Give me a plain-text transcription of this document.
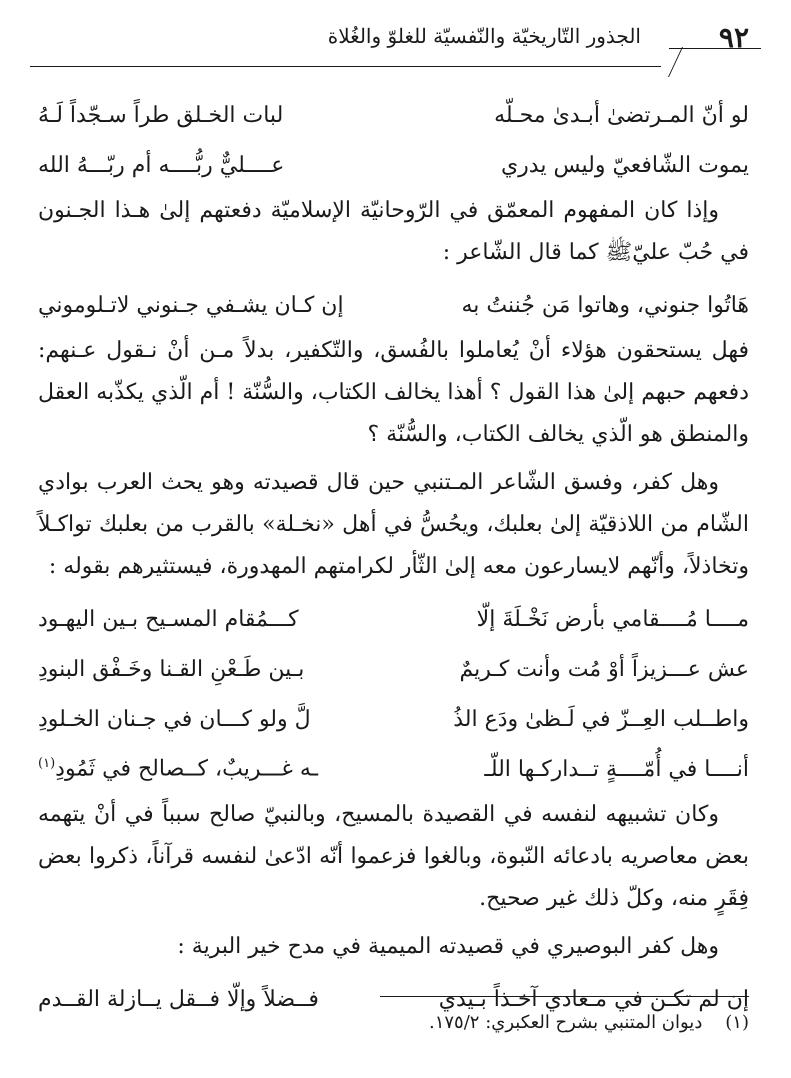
الجذور التّاريخيّة والنّفسيّة للغلوّ والغُلاة	٩٢
لو أنّ المـرتضىٰ أبـدىٰ محـلّه
لبات الخـلق طراً سـجّداً لَـهُ
يموت الشّافعيّ وليس يدري
عــــليٌّ ربُّــــه أم ربّـــهُ الله

وإذا كان المفهوم المعمّق في الرّوحانيّة الإسلاميّة دفعتهم إلىٰ هـذا الجـنون في حُبّ عليّ‌ﷺ كما قال الشّاعر :

هَاتُوا جنوني، وهاتوا مَن جُننتُ به
إن كـان يشـفي جـنوني لاتـلوموني

فهل يستحقون هؤلاء أنْ يُعاملوا بالفُسق، والتّكفير، بدلاً مـن أنْ نـقول عـنهم: دفعهم حبهم إلىٰ هذا القول ؟ أهذا يخالف الكتاب، والسُّنّة ! أم الّذي يكذّبه العقل والمنطق هو الّذي يخالف الكتاب، والسُّنّة ؟

وهل كفر، وفسق الشّاعر المـتنبي حين قال قصيدته وهو يحث العرب بوادي الشّام من اللاذقيّة إلىٰ بعلبك، ويحُسُّ في أهل «نخـلة» بالقرب من بعلبك تواكـلاً وتخاذلاً، وأنّهم لايسارعون معه إلىٰ الثّأر لكرامتهم المهدورة، فيستثيرهم بقوله :

مــــا مُــــقامي بأرض نَخْـلَةَ إلّا
كـــمُقام المسـيح بـين اليهـود
عش عـــزيزاً أوْ مُت وأنت كـريمٌ
بـين طَـعْنِ القـنا وخَـفْق البنودِ
واطــلب العِــزّ في لَـظىٰ ودَع الذُ
لَّ ولو كـــان في جـنان الخـلودِ
أنــــا في أُمّــــةٍ تــداركـها اللّـ
ـه غـــريبٌ، كــصالح في ثَمُودِ$^{(١)}$

وكان تشبيهه لنفسه في القصيدة بالمسيح، وبالنبيّ صالح سبباً في أنْ يتهمه بعض معاصريه بادعائه النّبوة، وبالغوا فزعموا أنّه ادّعىٰ لنفسه قرآناً، ذكروا بعض فِقَرٍ منه، وكلّ ذلك غير صحيح.

وهل كفر البوصيري في قصيدته الميمية في مدح خير البرية :

إن لم تكـن في مـعادي آخـذاً بـيدي
فــضلاً وإلّا فــقل يــازلة القــدم
(١)    ديوان المتنبي بشرح العكبري: ١٧٥/٢.
